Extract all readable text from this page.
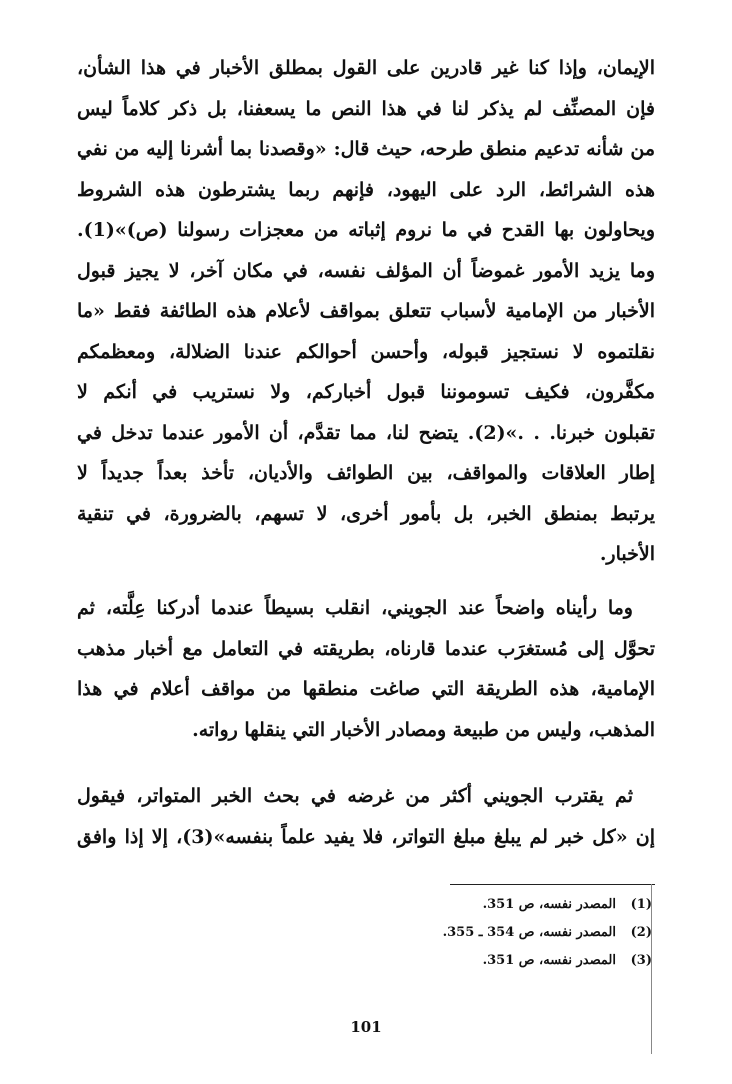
الإيمان، وإذا كنا غير قادرين على القول بمطلق الأخبار في هذا الشأن،
فإن المصنِّف لم يذكر لنا في هذا النص ما يسعفنا، بل ذكر كلاماً ليس
من شأنه تدعيم منطق طرحه، حيث قال: «وقصدنا بما أشرنا إليه من نفي
هذه الشرائط، الرد على اليهود، فإنهم ربما يشترطون هذه الشروط
ويحاولون بها القدح في ما نروم إثباته من معجزات رسولنا (ص)»(1).
وما يزيد الأمور غموضاً أن المؤلف نفسه، في مكان آخر، لا يجيز قبول
الأخبار من الإمامية لأسباب تتعلق بمواقف لأعلام هذه الطائفة فقط «ما
نقلتموه لا نستجيز قبوله، وأحسن أحوالكم عندنا الضلالة، ومعظمكم
مكفَّرون، فكيف تسوموننا قبول أخباركم، ولا نستريب في أنكم لا
تقبلون خبرنا. . .»(2). يتضح لنا، مما تقدَّم، أن الأمور عندما تدخل في
إطار العلاقات والمواقف، بين الطوائف والأديان، تأخذ بعداً جديداً لا
يرتبط بمنطق الخبر، بل بأمور أخرى، لا تسهم، بالضرورة، في تنقية
الأخبار.
وما رأيناه واضحاً عند الجويني، انقلب بسيطاً عندما أدركنا عِلَّته، ثم
تحوَّل إلى مُستغرَب عندما قارناه، بطريقته في التعامل مع أخبار مذهب
الإمامية، هذه الطريقة التي صاغت منطقها من مواقف أعلام في هذا
المذهب، وليس من طبيعة ومصادر الأخبار التي ينقلها رواته.
ثم يقترب الجويني أكثر من غرضه في بحث الخبر المتواتر، فيقول
إن «كل خبر لم يبلغ مبلغ التواتر، فلا يفيد علماً بنفسه»(3)، إلا إذا وافق
(1)
المصدر نفسه، ص 351.
(2)
المصدر نفسه، ص 354 ـ 355.
(3)
المصدر نفسه، ص 351.
101
